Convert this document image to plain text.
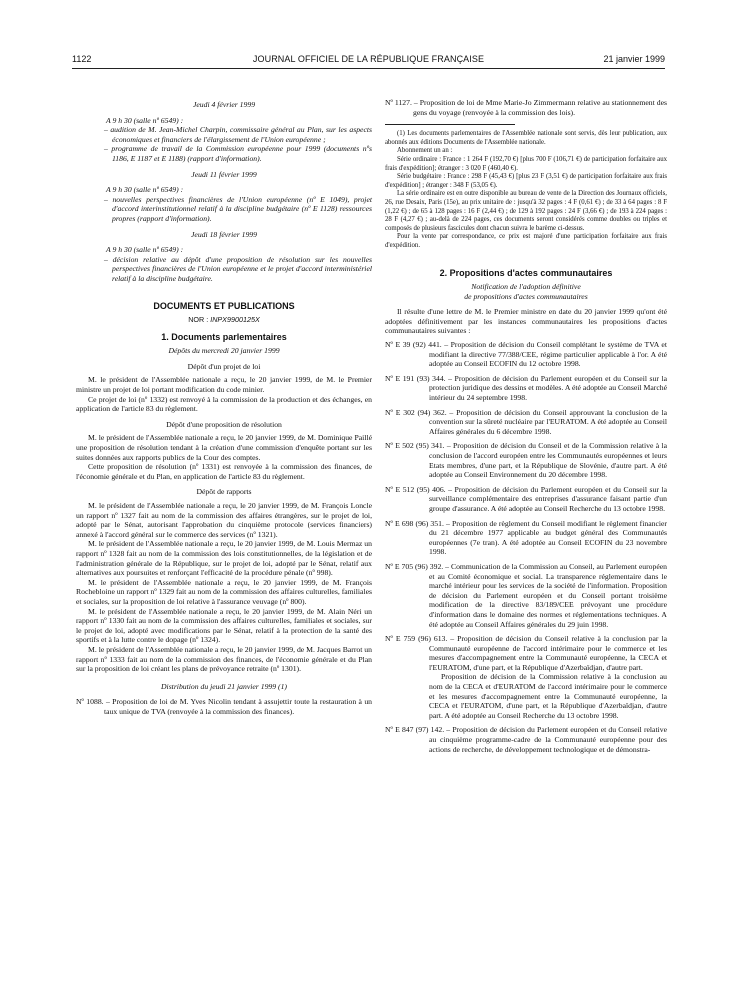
1122	JOURNAL OFFICIEL DE LA RÉPUBLIQUE FRANÇAISE	21 janvier 1999

Jeudi 4 février 1999

A 9 h 30 (salle nº 6549) :

– audition de M. Jean-Michel Charpin, commissaire général au Plan, sur les aspects économiques et financiers de l'élargissement de l'Union européenne ;

– programme de travail de la Commission européenne pour 1999 (documents nºs 1186, E 1187 et E 1188) (rapport d'information).

Jeudi 11 février 1999

A 9 h 30 (salle nº 6549) :

– nouvelles perspectives financières de l'Union européenne (nº E 1049), projet d'accord interinstitutionnel relatif à la discipline budgétaire (nº E 1128) ressources propres (rapport d'information).

Jeudi 18 février 1999

A 9 h 30 (salle nº 6549) :

– décision relative au dépôt d'une proposition de résolution sur les nouvelles perspectives financières de l'Union européenne et le projet d'accord interministériel relatif à la discipline budgétaire.

DOCUMENTS ET PUBLICATIONS

NOR : INPX9900125X

1. Documents parlementaires

Dépôts du mercredi 20 janvier 1999

Dépôt d'un projet de loi

M. le président de l'Assemblée nationale a reçu, le 20 janvier 1999, de M. le Premier ministre un projet de loi portant modification du code minier.

Ce projet de loi (nº 1332) est renvoyé à la commission de la production et des échanges, en application de l'article 83 du règlement.

Dépôt d'une proposition de résolution

M. le président de l'Assemblée nationale a reçu, le 20 janvier 1999, de M. Dominique Paillé une proposition de résolution tendant à la création d'une commission d'enquête portant sur les suites données aux rapports publics de la Cour des comptes.

Cette proposition de résolution (nº 1331) est renvoyée à la commission des finances, de l'économie générale et du Plan, en application de l'article 83 du règlement.

Dépôt de rapports

M. le président de l'Assemblée nationale a reçu, le 20 janvier 1999, de M. François Loncle un rapport nº 1327 fait au nom de la commission des affaires étrangères, sur le projet de loi, adopté par le Sénat, autorisant l'approbation du cinquième protocole (services financiers) annexé à l'accord général sur le commerce des services (nº 1321).

M. le président de l'Assemblée nationale a reçu, le 20 janvier 1999, de M. Louis Mermaz un rapport nº 1328 fait au nom de la commission des lois constitutionnelles, de la législation et de l'administration générale de la République, sur le projet de loi, adopté par le Sénat, relatif aux alternatives aux poursuites et renforçant l'efficacité de la procédure pénale (nº 998).

M. le président de l'Assemblée nationale a reçu, le 20 janvier 1999, de M. François Rochebloine un rapport nº 1329 fait au nom de la commission des affaires culturelles, familiales et sociales, sur la proposition de loi relative à l'assurance veuvage (nº 800).

M. le président de l'Assemblée nationale a reçu, le 20 janvier 1999, de M. Alain Néri un rapport nº 1330 fait au nom de la commission des affaires culturelles, familiales et sociales, sur le projet de loi, adopté avec modifications par le Sénat, relatif à la protection de la santé des sportifs et à la lutte contre le dopage (nº 1324).

M. le président de l'Assemblée nationale a reçu, le 20 janvier 1999, de M. Jacques Barrot un rapport nº 1333 fait au nom de la commission des finances, de l'économie générale et du Plan sur la proposition de loi créant les plans de prévoyance retraite (nº 1301).

Distribution du jeudi 21 janvier 1999 (1)

Nº 1088. – Proposition de loi de M. Yves Nicolin tendant à assujettir toute la restauration à un taux unique de TVA (renvoyée à la commission des finances).

Nº 1127. – Proposition de loi de Mme Marie-Jo Zimmermann relative au stationnement des gens du voyage (renvoyée à la commission des lois).

(1) Les documents parlementaires de l'Assemblée nationale sont servis, dès leur publication, aux abonnés aux éditions Documents de l'Assemblée nationale.

Abonnement un an :

Série ordinaire : France : 1 264 F (192,70 €) [plus 700 F (106,71 €) de participation forfaitaire aux frais d'expédition]; étranger : 3 020 F (460,40 €).

Série budgétaire : France : 298 F (45,43 €) [plus 23 F (3,51 €) de participation forfaitaire aux frais d'expédition] ; étranger : 348 F (53,05 €).

La série ordinaire est en outre disponible au bureau de vente de la Direction des Journaux officiels, 26, rue Desaix, Paris (15e), au prix unitaire de : jusqu'à 32 pages : 4 F (0,61 €) ; de 33 à 64 pages : 8 F (1,22 €) ; de 65 à 128 pages : 16 F (2,44 €) ; de 129 à 192 pages : 24 F (3,66 €) ; de 193 à 224 pages : 28 F (4,27 €) ; au-delà de 224 pages, ces documents seront considérés comme doubles ou triples et composés de plusieurs fascicules dont chacun suivra le barème ci-dessus.

Pour la vente par correspondance, ce prix est majoré d'une participation forfaitaire aux frais d'expédition.

2. Propositions d'actes communautaires

Notification de l'adoption définitive

de propositions d'actes communautaires

Il résulte d'une lettre de M. le Premier ministre en date du 20 janvier 1999 qu'ont été adoptées définitivement par les instances communautaires les propositions d'actes communautaires suivantes :

Nº E 39 (92) 441. – Proposition de décision du Conseil complétant le système de TVA et modifiant la directive 77/388/CEE, régime particulier applicable à l'or. A été adoptée au Conseil ECOFIN du 12 octobre 1998.

Nº E 191 (93) 344. – Proposition de décision du Parlement européen et du Conseil sur la protection juridique des dessins et modèles. A été adoptée au Conseil Marché intérieur du 24 septembre 1998.

Nº E 302 (94) 362. – Proposition de décision du Conseil approuvant la conclusion de la convention sur la sûreté nucléaire par l'EURATOM. A été adoptée au Conseil Affaires générales du 6 décembre 1998.

Nº E 502 (95) 341. – Proposition de décision du Conseil et de la Commission relative à la conclusion de l'accord européen entre les Communautés européennes et leurs Etats membres, d'une part, et la République de Slovénie, d'autre part. A été adoptée au Conseil Environnement du 20 décembre 1998.

Nº E 512 (95) 406. – Proposition de décision du Parlement européen et du Conseil sur la surveillance complémentaire des entreprises d'assurance faisant partie d'un groupe d'assurance. A été adoptée au Conseil Recherche du 13 octobre 1998.

Nº E 698 (96) 351. – Proposition de règlement du Conseil modifiant le règlement financier du 21 décembre 1977 applicable au budget général des Communautés européennes (7e tran). A été adoptée au Conseil ECOFIN du 23 novembre 1998.

Nº E 705 (96) 392. – Communication de la Commission au Conseil, au Parlement européen et au Comité économique et social. La transparence réglementaire dans le marché intérieur pour les services de la société de l'information. Proposition de décision du Parlement européen et du Conseil portant troisième modification de la directive 83/189/CEE prévoyant une procédure d'information dans le domaine des normes et réglementations techniques. A été adoptée au Conseil Affaires générales du 29 juin 1998.

Nº E 759 (96) 613. – Proposition de décision du Conseil relative à la conclusion par la Communauté européenne de l'accord intérimaire pour le commerce et les mesures d'accompagnement entre la Communauté européenne, la CECA et l'EURATOM, d'une part, et la République d'Azerbaïdjan, d'autre part.

Proposition de décision de la Commission relative à la conclusion au nom de la CECA et d'EURATOM de l'accord intérimaire pour le commerce et les mesures d'accompagnement entre la Communauté européenne, la CECA et l'EURATOM, d'une part, et la République d'Azerbaïdjan, d'autre part. A été adoptée au Conseil Recherche du 13 octobre 1998.

Nº E 847 (97) 142. – Proposition de décision du Parlement européen et du Conseil relative au cinquième programme-cadre de la Communauté européenne pour des actions de recherche, de développement technologique et de démonstra-
